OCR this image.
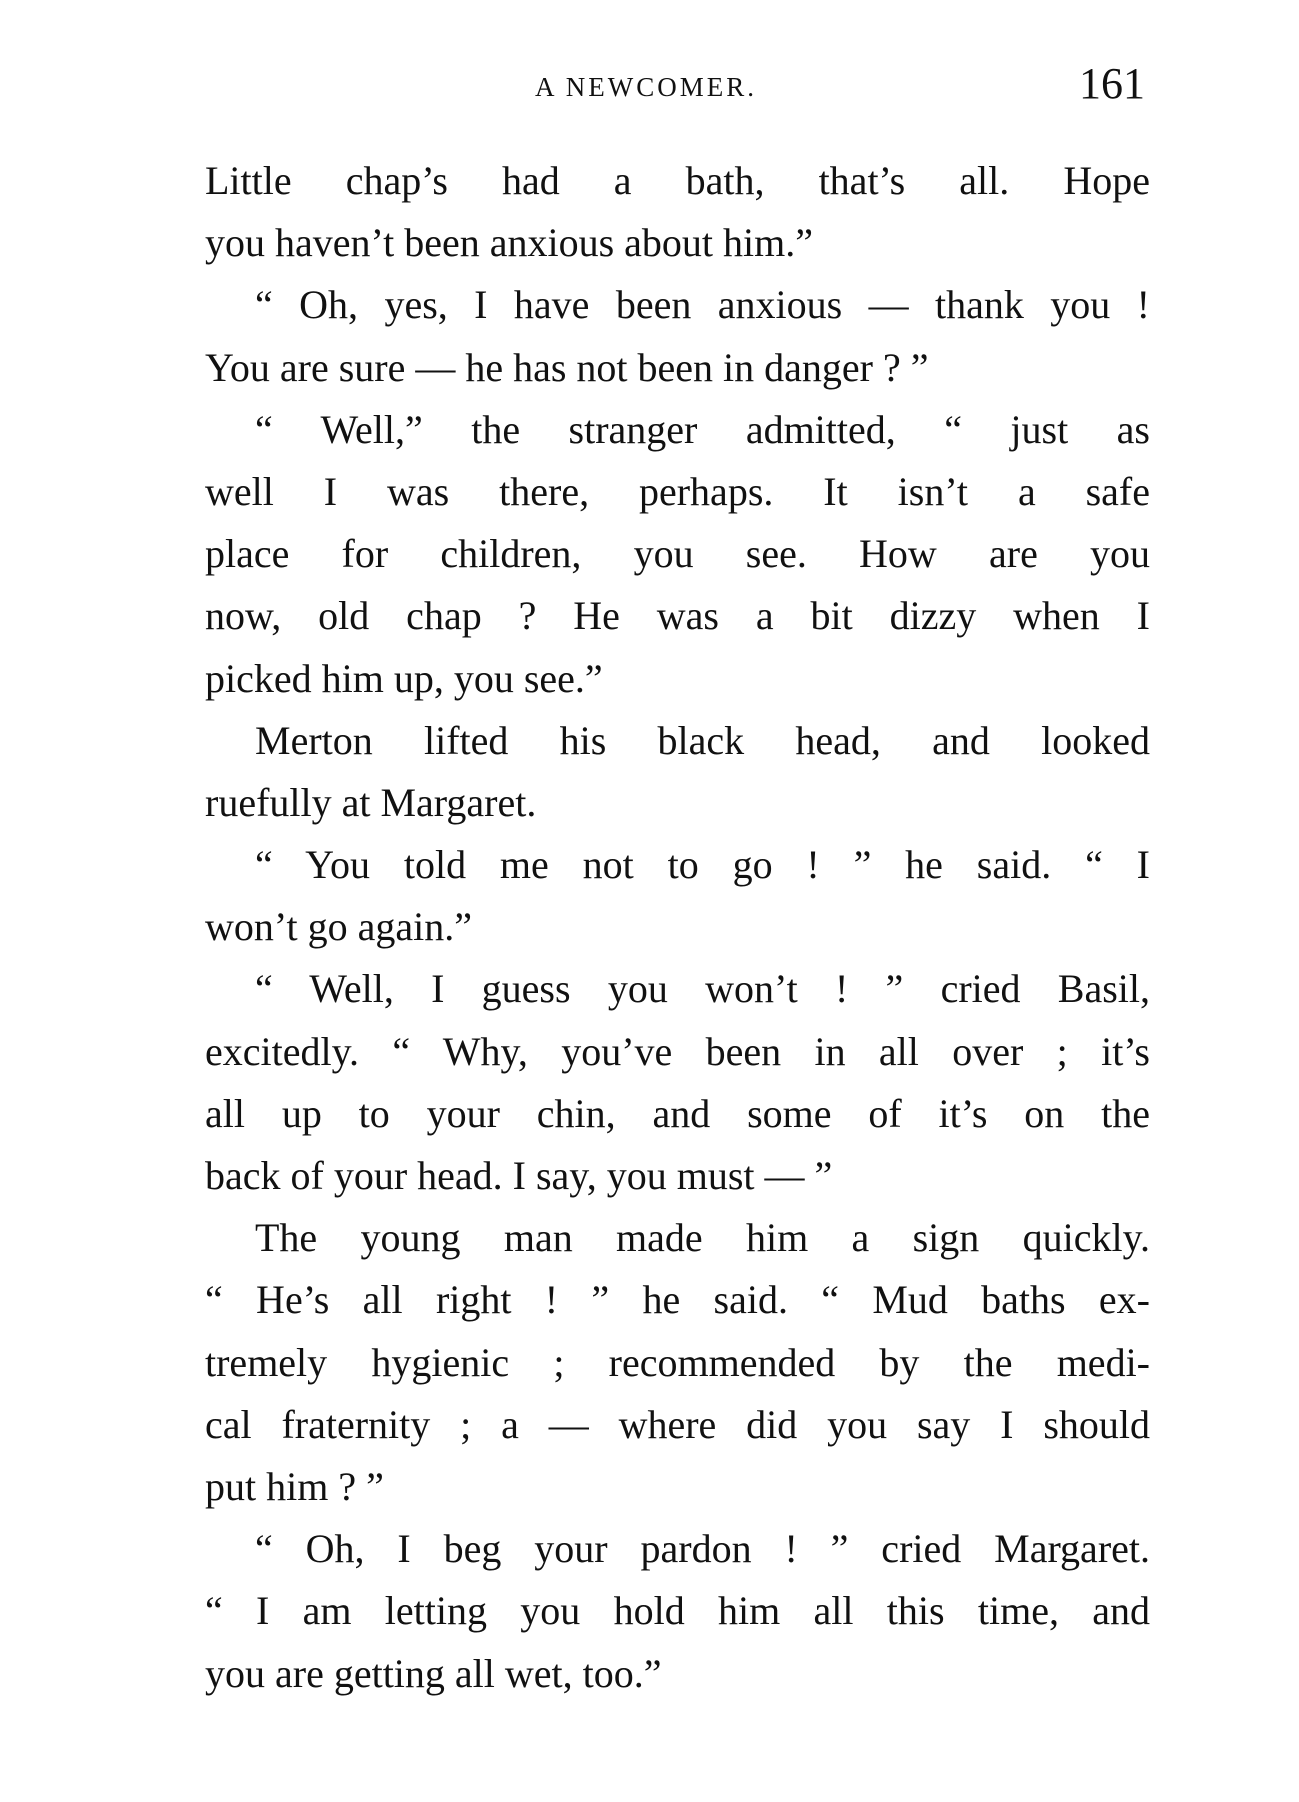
A NEWCOMER.	161
Little chap’s had a bath, that’s all. Hope
you haven’t been anxious about him.”
“ Oh, yes, I have been anxious — thank you !
You are sure — he has not been in danger ? ”
“ Well,” the stranger admitted, “ just as
well I was there, perhaps. It isn’t a safe
place for children, you see. How are you
now, old chap ? He was a bit dizzy when I
picked him up, you see.”
Merton lifted his black head, and looked
ruefully at Margaret.
“ You told me not to go ! ” he said. “ I
won’t go again.”
“ Well, I guess you won’t ! ” cried Basil,
excitedly. “ Why, you’ve been in all over ; it’s
all up to your chin, and some of it’s on the
back of your head. I say, you must — ”
The young man made him a sign quickly.
“ He’s all right ! ” he said. “ Mud baths ex-
tremely hygienic ; recommended by the medi-
cal fraternity ; a — where did you say I should
put him ? ”
“ Oh, I beg your pardon ! ” cried Margaret.
“ I am letting you hold him all this time, and
you are getting all wet, too.”
